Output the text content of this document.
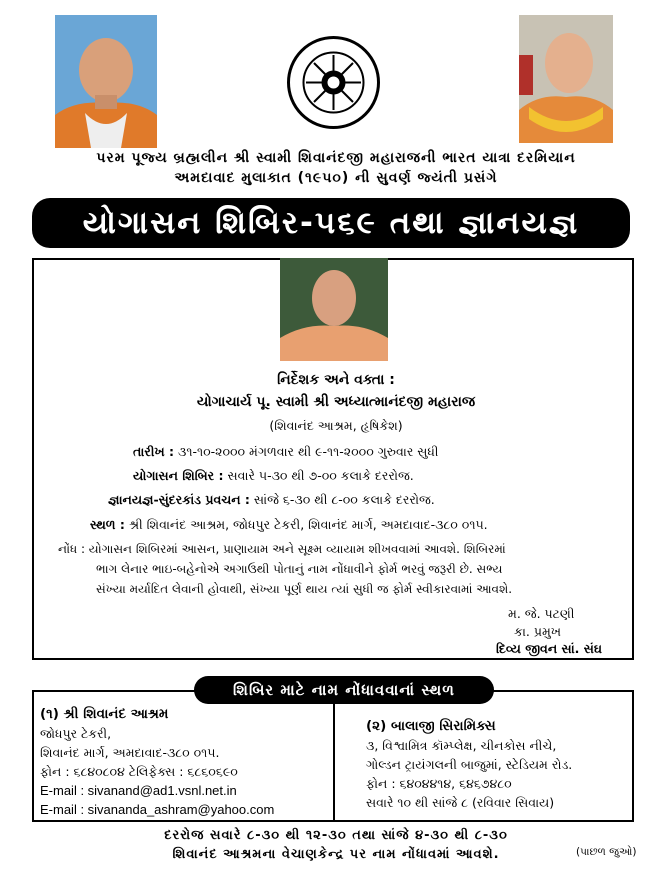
પરમ પૂજ્ય બ્રહ્મલીન શ્રી સ્વામી શિવાનંદજી મહારાજની ભારત યાત્રા દરમિયાન
અમદાવાદ મુલાકાત (૧૯૫૦) ની સુવર્ણ જ્યંતી પ્રસંગે
યોગાસન શિબિર-૫૬૯ તથા જ્ઞાનયજ્ઞ
નિર્દેશક અને વક્તા :
યોગાચાર્ય પૂ. સ્વામી શ્રી અધ્યાત્માનંદજી મહારાજ
(શિવાનંદ આશ્રમ, હૃષિકેશ)
તારીખ : ૩૧-૧૦-૨૦૦૦ મંગળવાર થી ૯-૧૧-૨૦૦૦ ગુરુવાર સુધી
યોગાસન શિબિર : સવારે ૫-૩૦ થી ૭-૦૦ કલાકે દરરોજ.
જ્ઞાનયજ્ઞ-સુંદરકાંડ પ્રવચન : સાંજે ૬-૩૦ થી ૮-૦૦ કલાકે દરરોજ.
સ્થળ : શ્રી શિવાનંદ આશ્રમ, જોધપુર ટેકરી, શિવાનંદ માર્ગ, અમદાવાદ-૩૮૦ ૦૧૫.
નોંધ : યોગાસન શિબિરમાં આસન, પ્રાણાયામ અને સૂક્ષ્મ વ્યાયામ શીખવવામાં આવશે. શિબિરમાં
ભાગ લેનાર ભાઇ-બહેનોએ અગાઉથી પોતાનું નામ નોંધાવીને ફોર્મ ભરવું જરૂરી છે. સભ્ય
સંખ્યા મર્યાદિત લેવાની હોવાથી, સંખ્યા પૂર્ણ થાય ત્યાં સુધી જ ફોર્મ સ્વીકારવામાં આવશે.
મ. જે. પટણી
કા. પ્રમુખ
દિવ્ય જીવન સાં. સંઘ
શિબિર માટે નામ નોંધાવવાનાં સ્થળ
(૧) શ્રી શિવાનંદ આશ્રમ
જોધપુર ટેકરી,
શિવાનંદ માર્ગ, અમદાવાદ-૩૮૦ ૦૧૫.
ફોન : ૬૮૪૦૮૦૪ ટેલિફેક્સ : ૬૮૬૦૬૯૦
E-mail : sivanand@ad1.vsnl.net.in
E-mail : sivananda_ashram@yahoo.com
(૨) બાલાજી સિરામિક્સ
૩, વિશ્વામિત્ર કૉમ્પ્લેક્ષ, ચીનકોસ નીચે,
ગોલ્ડન ટ્રાયંગલની બાજુમાં, સ્ટેડિયમ રોડ.
ફોન : ૬૪૦૪૪૧૪, ૬૪૬૭૪૮૦
સવારે ૧૦ થી સાંજે ૮ (રવિવાર સિવાય)
દરરોજ સવારે ૮-૩૦ થી ૧૨-૩૦ તથા સાંજે ૪-૩૦ થી ૮-૩૦
શિવાનંદ આશ્રમના વેચાણકેન્દ્ર પર નામ નોંધાવમાં આવશે.	(પાછળ જુઓ)
